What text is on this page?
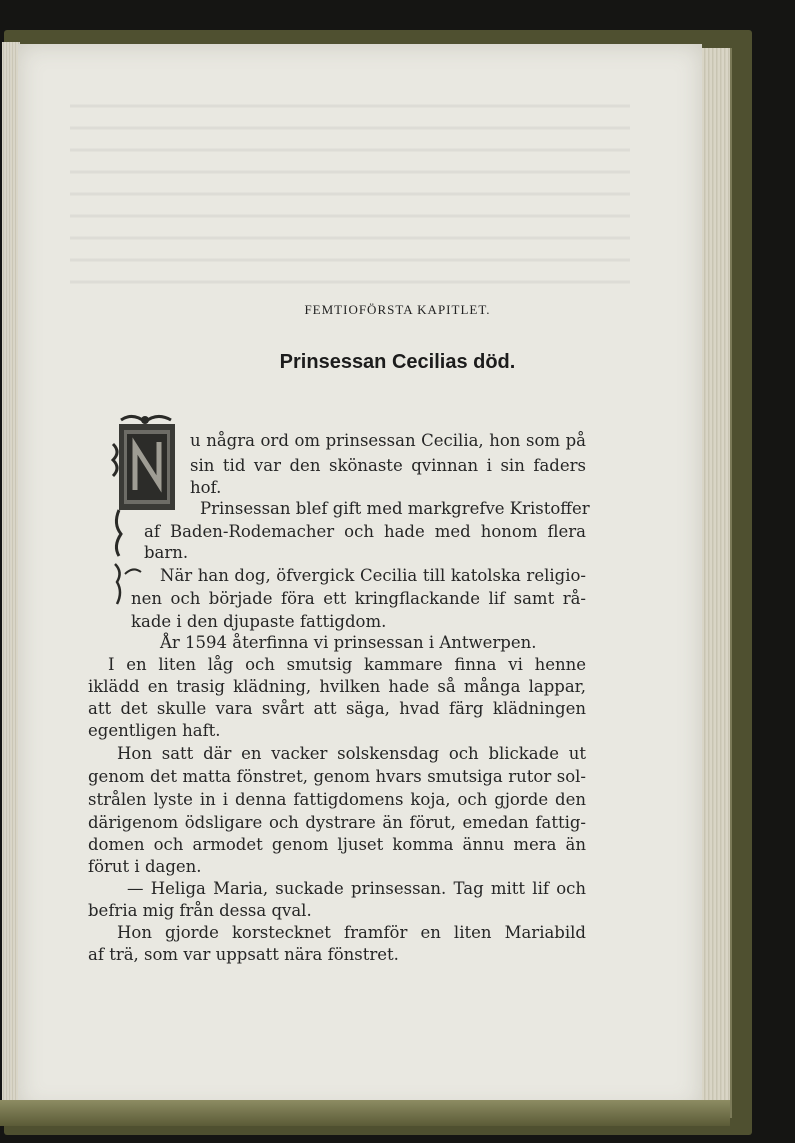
FEMTIOFÖRSTA KAPITLET.
Prinsessan Cecilias död.
u några ord om prinsessan Cecilia, hon som på
sin tid var den skönaste qvinnan i sin faders
hof.
Prinsessan blef gift med markgrefve Kristoffer
af Baden-Rodemacher och hade med honom flera
barn.
När han dog, öfvergick Cecilia till katolska religio-
nen och började föra ett kringflackande lif samt rå-
kade i den djupaste fattigdom.
År 1594 återfinna vi prinsessan i Antwerpen.
I en liten låg och smutsig kammare finna vi henne
iklädd en trasig klädning, hvilken hade så många lappar,
att det skulle vara svårt att säga, hvad färg klädningen
egentligen haft.
Hon satt där en vacker solskensdag och blickade ut
genom det matta fönstret, genom hvars smutsiga rutor sol-
strålen lyste in i denna fattigdomens koja, och gjorde den
därigenom ödsligare och dystrare än förut, emedan fattig-
domen och armodet genom ljuset komma ännu mera än
förut i dagen.
— Heliga Maria, suckade prinsessan. Tag mitt lif och
befria mig från dessa qval.
Hon gjorde korstecknet framför en liten Mariabild
af trä, som var uppsatt nära fönstret.
